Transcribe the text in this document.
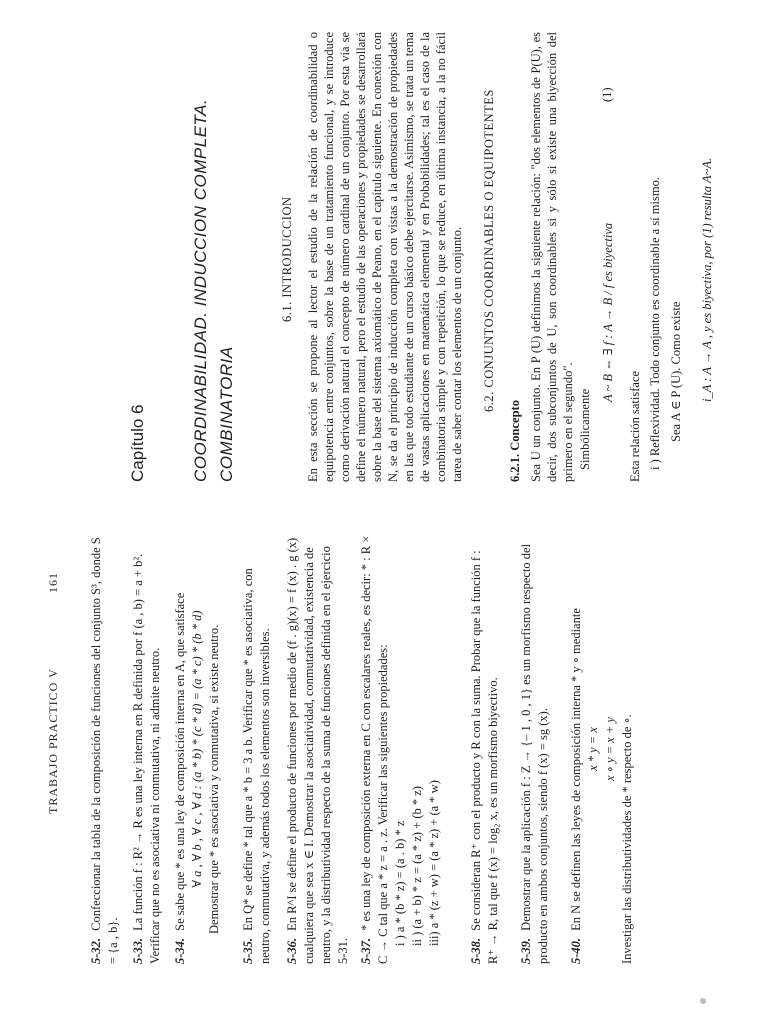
TRABAJO PRACTICO V
161
5-32. Confeccionar la tabla de la composición de funciones del conjunto S³, donde S = {a , b}. 5-33. La función f : R² → R es una ley interna en R definida por f (a , b) = a + b². Verificar que no es asociativa ni conmutativa, ni admite neutro. 5-34. Se sabe que * es una ley de composición interna en A, que satisface ∀ a , ∀ b , ∀ c , ∀ d : (a * b) * (c * d) = (a * c) * (b * d) Demostrar que * es asociativa y conmutativa, si existe neutro.
5-35. En Q* se define * tal que a * b = 3 a b. Verificar que * es asociativa, con neutro, conmutativa, y además todos los elementos son inversibles. 5-36. En R^I se define el producto de funciones por medio de (f . g)(x) = f (x) . g (x) cualquiera que sea x ∈ I. Demostrar la asociatividad, conmutatividad, existencia de neutro, y la distributividad respecto de la suma de funciones definida en el ejercicio 5-31. 5-37. * es una ley de composición externa en C con escalares reales, es decir: * : R × C → C tal que a * z = a . z. Verificar las siguientes propiedades: i ) a * (b * z) = (a . b) * z ii ) (a + b) * z = (a * z) + (b * z) iii) a * (z + w) = (a * z) + (a * w)
5-38. Se consideran R⁺ con el producto y R con la suma. Probar que la función f : R⁺ → R, tal que f (x) = log₂ x, es un morfismo biyectivo. 5-39. Demostrar que la aplicación f : Z → {– 1 , 0 , 1} es un morfismo respecto del producto en ambos conjuntos, siendo f (x) = sg (x). 5-40. En N se definen las leyes de composición interna * y ∘ mediante x * y = x x ∘ y = x + y Investigar las distributividades de * respecto de ∘.
Capítulo 6	COORDINABILIDAD. INDUCCION COMPLETA. COMBINATORIA
6.1. INTRODUCCION En esta sección se propone al lector el estudio de la relación de coordinabilidad o equipotencia entre conjuntos, sobre la base de un tratamiento funcional, y se introduce como derivación natural el concepto de número cardinal de un conjunto. Por esta vía se define el número natural, pero el estudio de las operaciones y propiedades se desarrollará sobre la base del sistema axiomático de Peano, en el capítulo siguiente. En conexión con N, se da el principio de inducción completa con vistas a la demostración de propiedades en las que todo estudiante de un curso básico debe ejercitarse. Asimismo, se trata un tema de vastas aplicaciones en matemática elemental y en Probabilidades; tal es el caso de la combinatoria simple y con repetición, lo que se reduce, en última instancia, a la no fácil tarea de saber contar los elementos de un conjunto. 6.2. CONJUNTOS COORDINABLES O EQUIPOTENTES
6.2.1. Concepto Sea U un conjunto. En P (U) definimos la siguiente relación: "dos elementos de P(U), es decir, dos subconjuntos de U, son coordinables si y sólo si existe una biyección del primero en el segundo". Simbólicamente
A ~ B ⇔ ∃ f : A → B / f es biyectiva
(1)
Esta relación satisface i ) Reflexividad. Todo conjunto es coordinable a sí mismo. Sea A ∈ P (U). Como existe i_A : A → A , y es biyectiva, por (1) resulta A~A.
